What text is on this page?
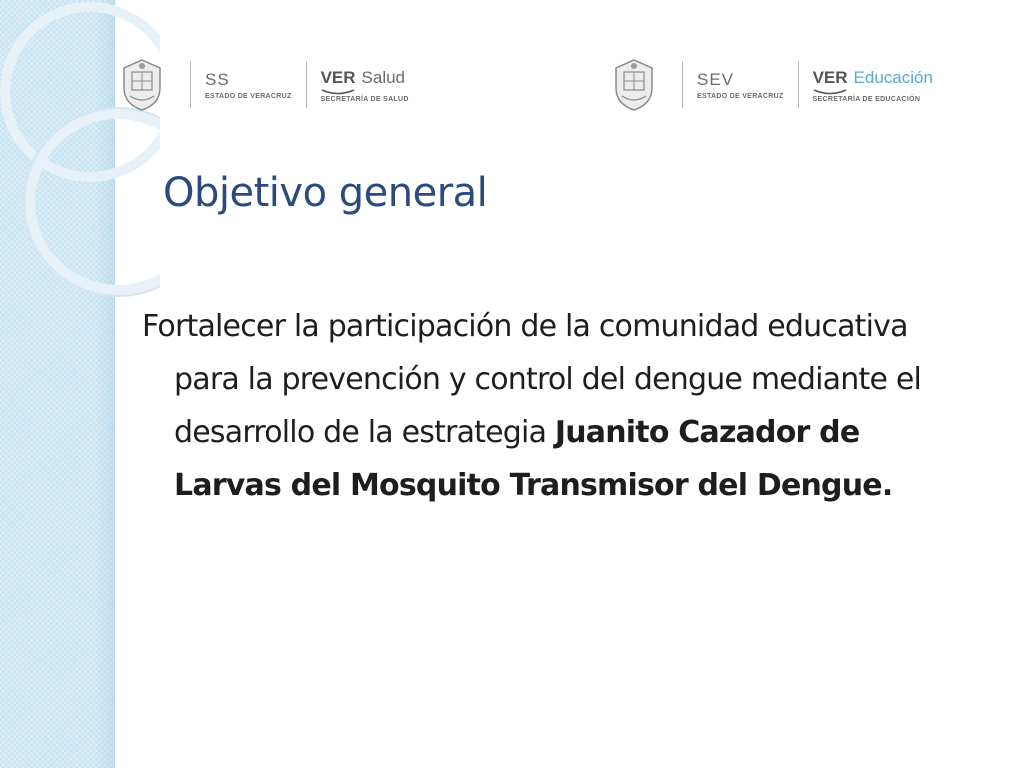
SS
ESTADO DE VERACRUZ
VER Salud
SECRETARÍA DE SALUD
SEV
ESTADO DE VERACRUZ
VER Educación
SECRETARÍA DE EDUCACIÓN
Objetivo general

Fortalecer la participación de la comunidad educativa para la prevención y control del dengue mediante el desarrollo de la estrategia Juanito Cazador de Larvas del Mosquito Transmisor del Dengue.
